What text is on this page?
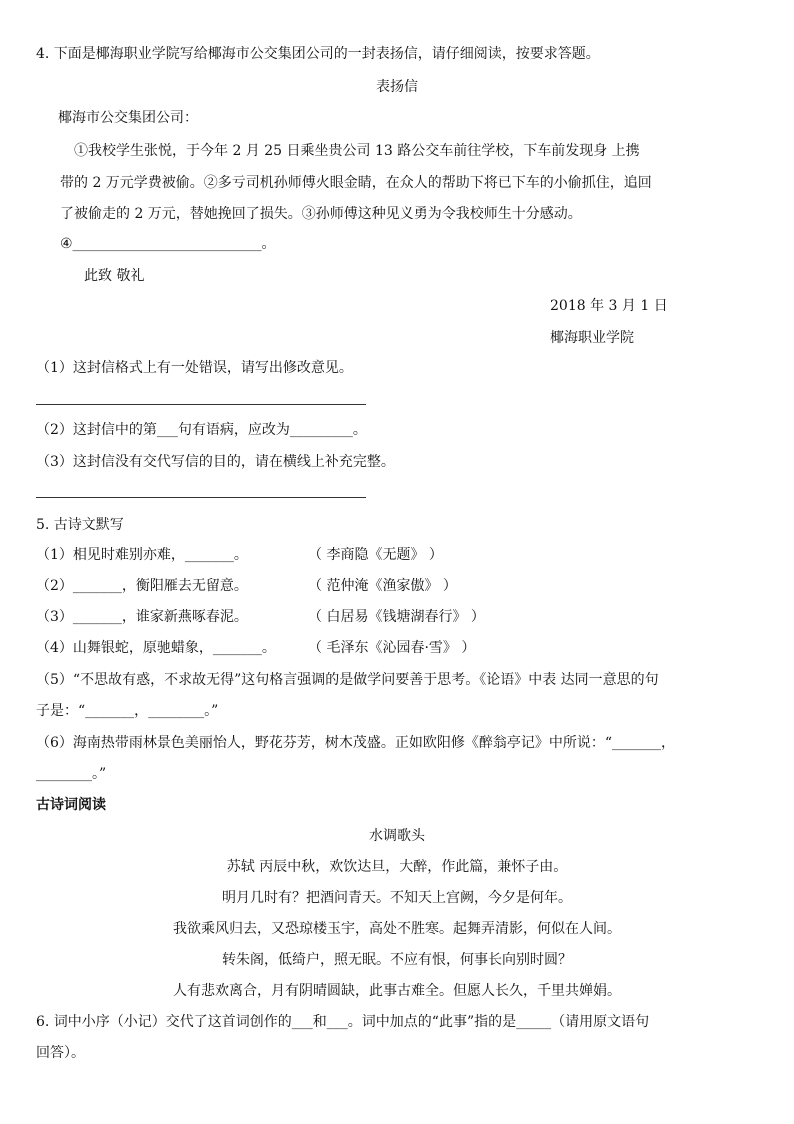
4. 下面是椰海职业学院写给椰海市公交集团公司的一封表扬信，请仔细阅读，按要求答题。
表扬信
椰海市公交集团公司：
①我校学生张悦，于今年 2 月 25 日乘坐贵公司 13 路公交车前往学校，下车前发现身 上携
带的 2 万元学费被偷。②多亏司机孙师傅火眼金睛，在众人的帮助下将已下车的小偷抓住，追回
了被偷走的 2 万元，替她挽回了损失。③孙师傅这种见义勇为令我校师生十分感动。
④___________________________。
此致 敬礼
2018 年 3 月 1 日
椰海职业学院
（1）这封信格式上有一处错误，请写出修改意见。
（2）这封信中的第___句有语病，应改为_________。
（3）这封信没有交代写信的目的，请在横线上补充完整。
5. 古诗文默写
（1）相见时难别亦难，_______。	（ 李商隐《无题》 ）
（2）_______，衡阳雁去无留意。	（ 范仲淹《渔家傲》 ）
（3）_______，谁家新燕啄春泥。	（ 白居易《钱塘湖春行》 ）
（4）山舞银蛇，原驰蜡象，_______。 （ 毛泽东《沁园春·雪》 ）
（5）“不思故有惑，不求故无得”这句格言强调的是做学问要善于思考。《论语》中表 达同一意思的句
子是：“_______，________。”
（6）海南热带雨林景色美丽怡人，野花芬芳，树木茂盛。正如欧阳修《醉翁亭记》中所说：“_______，
________。”
古诗词阅读
水调歌头
苏轼 丙辰中秋，欢饮达旦，大醉，作此篇，兼怀子由。
明月几时有？把酒问青天。不知天上宫阙，今夕是何年。
我欲乘风归去，又恐琼楼玉宇，高处不胜寒。起舞弄清影，何似在人间。
转朱阁，低绮户，照无眠。不应有恨，何事长向别时圆？
人有悲欢离合，月有阴晴圆缺，此事古难全。但愿人长久，千里共婵娟。
6. 词中小序（小记）交代了这首词创作的___和___。词中加点的“此事”指的是_____（请用原文语句
回答）。
